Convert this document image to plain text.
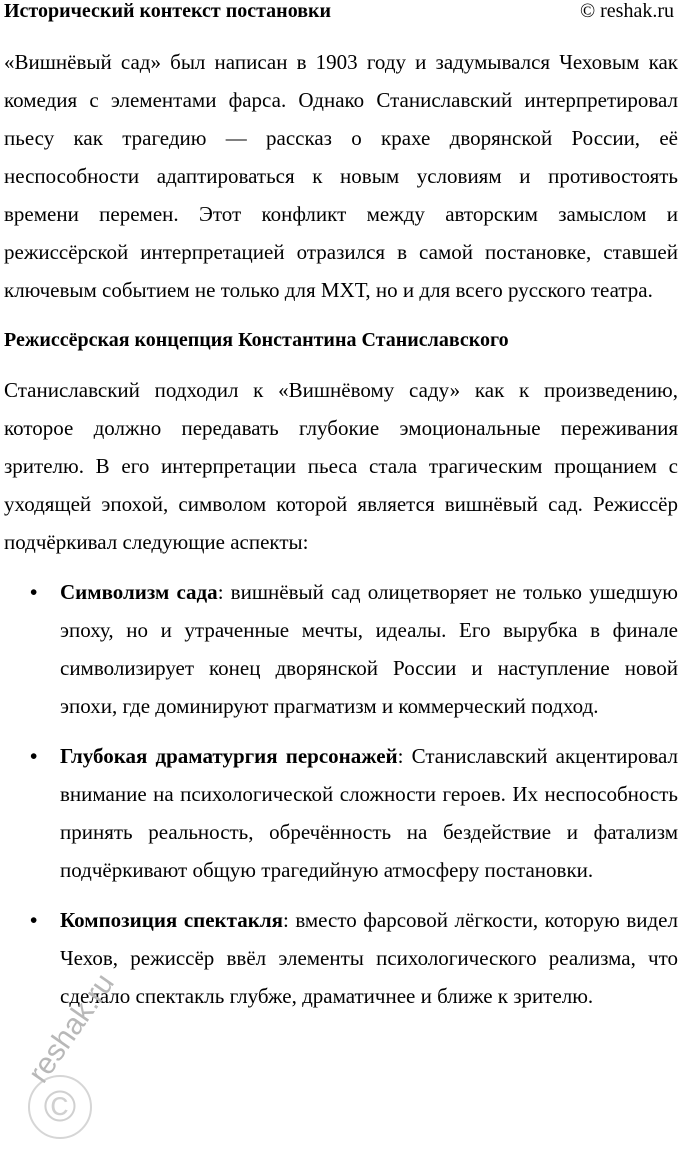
Исторический контекст постановки	© reshak.ru

«Вишнёвый сад» был написан в 1903 году и задумывался Чеховым как комедия с элементами фарса. Однако Станиславский интерпретировал пьесу как трагедию — рассказ о крахе дворянской России, её неспособности адаптироваться к новым условиям и противостоять времени перемен. Этот конфликт между авторским замыслом и режиссёрской интерпретацией отразился в самой постановке, ставшей ключевым событием не только для МХТ, но и для всего русского театра.

Режиссёрская концепция Константина Станиславского

Станиславский подходил к «Вишнёвому саду» как к произведению, которое должно передавать глубокие эмоциональные переживания зрителю. В его интерпретации пьеса стала трагическим прощанием с уходящей эпохой, символом которой является вишнёвый сад. Режиссёр подчёркивал следующие аспекты:

• Символизм сада: вишнёвый сад олицетворяет не только ушедшую эпоху, но и утраченные мечты, идеалы. Его вырубка в финале символизирует конец дворянской России и наступление новой эпохи, где доминируют прагматизм и коммерческий подход.
• Глубокая драматургия персонажей: Станиславский акцентировал внимание на психологической сложности героев. Их неспособность принять реальность, обречённость на бездействие и фатализм подчёркивают общую трагедийную атмосферу постановки.
• Композиция спектакля: вместо фарсовой лёгкости, которую видел Чехов, режиссёр ввёл элементы психологического реализма, что сделало спектакль глубже, драматичнее и ближе к зрителю.
©
reshak.ru
